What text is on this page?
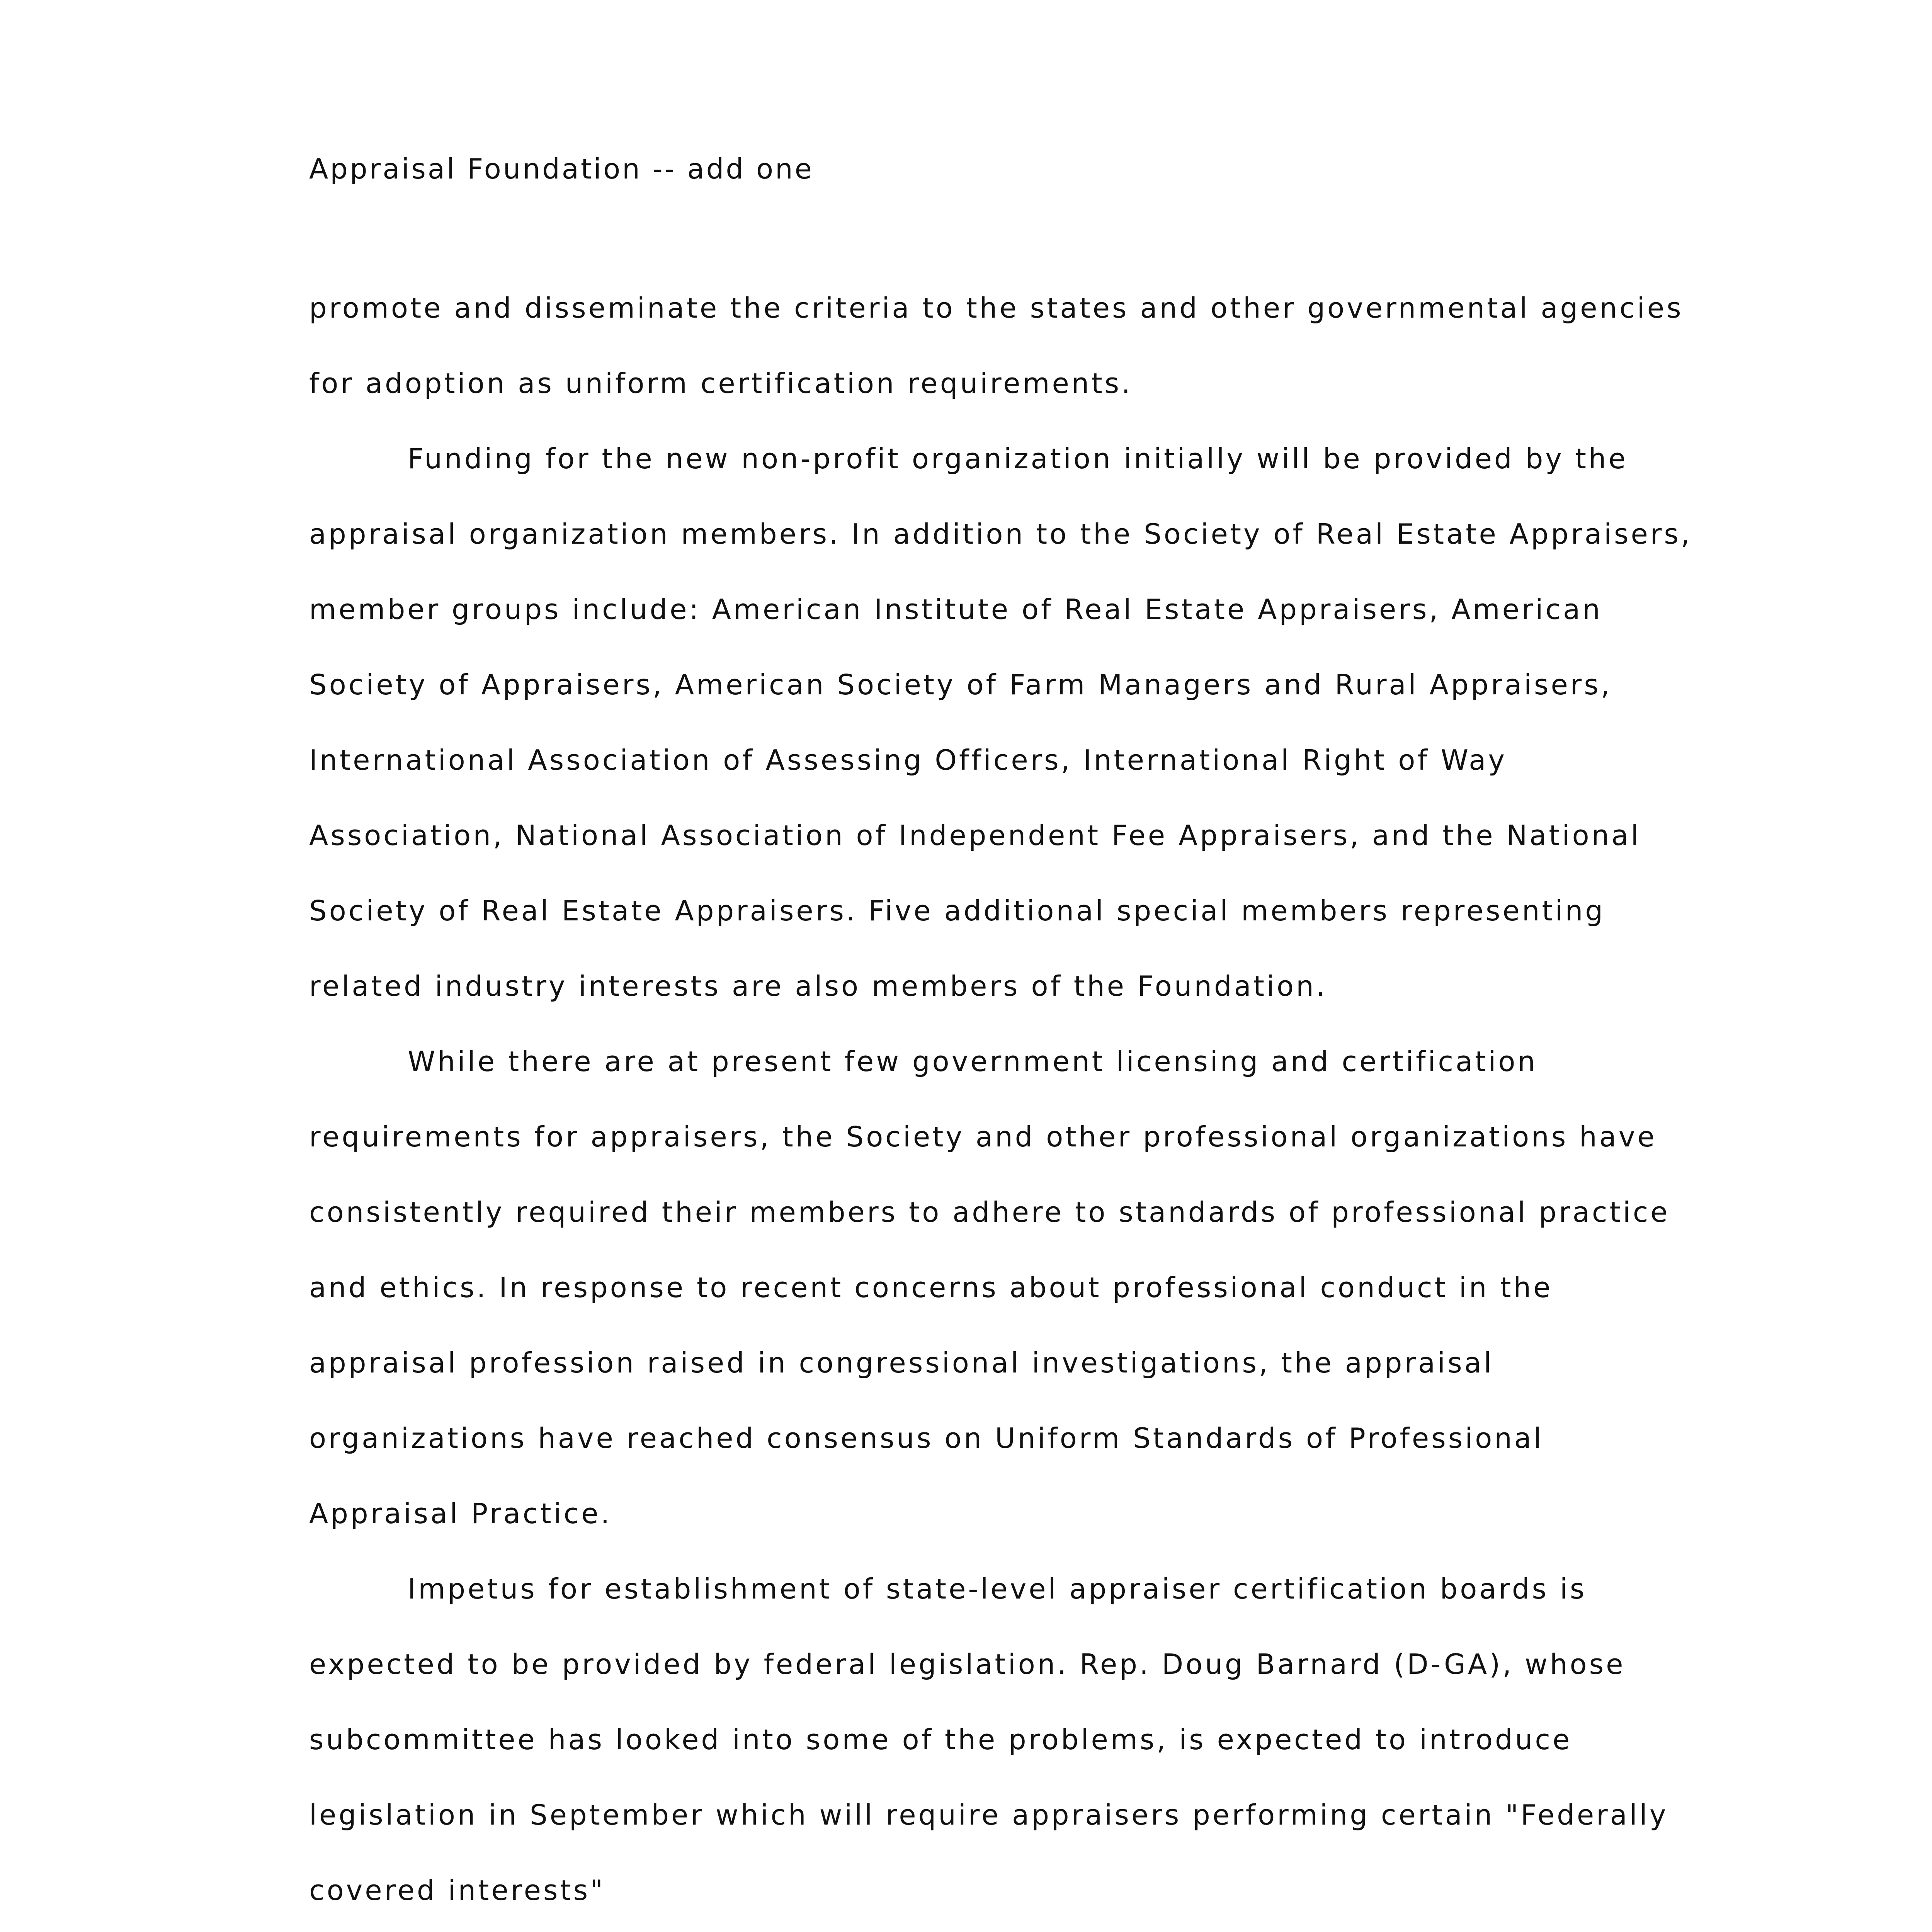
Appraisal Foundation -- add one

promote and disseminate the criteria to the states and other governmental agencies for adoption as uniform certification requirements.

Funding for the new non-profit organization initially will be provided by the appraisal organization members. In addition to the Society of Real Estate Appraisers, member groups include: American Institute of Real Estate Appraisers, American Society of Appraisers, American Society of Farm Managers and Rural Appraisers, International Association of Assessing Officers, International Right of Way Association, National Association of Independent Fee Appraisers, and the National Society of Real Estate Appraisers. Five additional special members representing related industry interests are also members of the Foundation.

While there are at present few government licensing and certification requirements for appraisers, the Society and other professional organizations have consistently required their members to adhere to standards of professional practice and ethics. In response to recent concerns about professional conduct in the appraisal profession raised in congressional investigations, the appraisal organizations have reached consensus on Uniform Standards of Professional Appraisal Practice.

Impetus for establishment of state-level appraiser certification boards is expected to be provided by federal legislation. Rep. Doug Barnard (D-GA), whose subcommittee has looked into some of the problems, is expected to introduce legislation in September which will require appraisers performing certain "Federally covered interests"
